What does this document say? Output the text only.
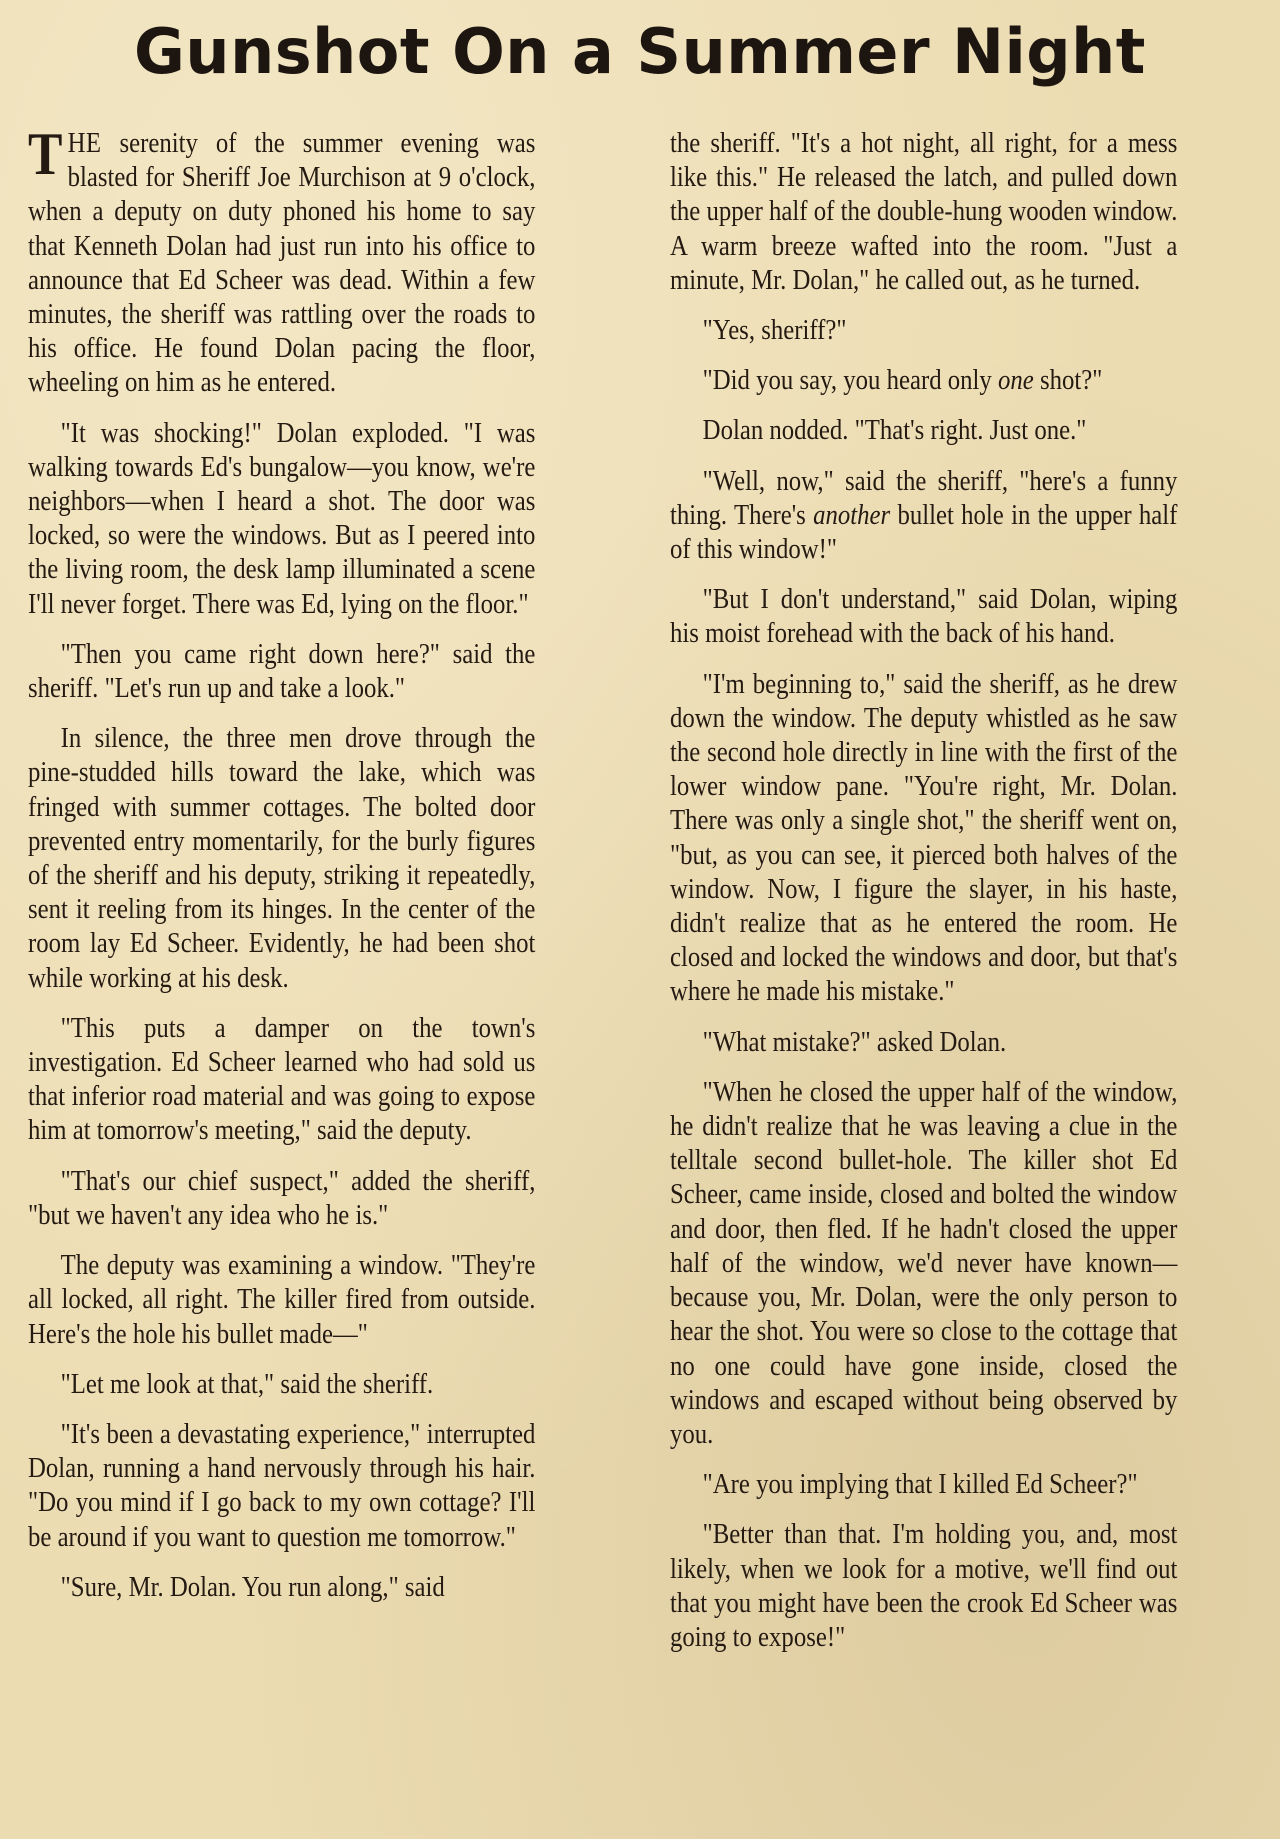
Gunshot On a Summer Night

THE serenity of the summer evening was blasted for Sheriff Joe Murchison at 9 o'clock, when a deputy on duty phoned his home to say that Kenneth Dolan had just run into his office to announce that Ed Scheer was dead. Within a few minutes, the sheriff was rattling over the roads to his office. He found Dolan pacing the floor, wheeling on him as he entered.

"It was shocking!" Dolan exploded. "I was walking towards Ed's bungalow—you know, we're neighbors—when I heard a shot. The door was locked, so were the windows. But as I peered into the living room, the desk lamp illuminated a scene I'll never forget. There was Ed, lying on the floor."

"Then you came right down here?" said the sheriff. "Let's run up and take a look."

In silence, the three men drove through the pine-studded hills toward the lake, which was fringed with summer cottages. The bolted door prevented entry momentarily, for the burly figures of the sheriff and his deputy, striking it repeatedly, sent it reeling from its hinges. In the center of the room lay Ed Scheer. Evidently, he had been shot while working at his desk.

"This puts a damper on the town's investigation. Ed Scheer learned who had sold us that inferior road material and was going to expose him at tomorrow's meeting," said the deputy.

"That's our chief suspect," added the sheriff, "but we haven't any idea who he is."

The deputy was examining a window. "They're all locked, all right. The killer fired from outside. Here's the hole his bullet made—"

"Let me look at that," said the sheriff.

"It's been a devastating experience," interrupted Dolan, running a hand nervously through his hair. "Do you mind if I go back to my own cottage? I'll be around if you want to question me tomorrow."

"Sure, Mr. Dolan. You run along," said

the sheriff. "It's a hot night, all right, for a mess like this." He released the latch, and pulled down the upper half of the double-hung wooden window. A warm breeze wafted into the room. "Just a minute, Mr. Dolan," he called out, as he turned.

"Yes, sheriff?"

"Did you say, you heard only one shot?"

Dolan nodded. "That's right. Just one."

"Well, now," said the sheriff, "here's a funny thing. There's another bullet hole in the upper half of this window!"

"But I don't understand," said Dolan, wiping his moist forehead with the back of his hand.

"I'm beginning to," said the sheriff, as he drew down the window. The deputy whistled as he saw the second hole directly in line with the first of the lower window pane. "You're right, Mr. Dolan. There was only a single shot," the sheriff went on, "but, as you can see, it pierced both halves of the window. Now, I figure the slayer, in his haste, didn't realize that as he entered the room. He closed and locked the windows and door, but that's where he made his mistake."

"What mistake?" asked Dolan.

"When he closed the upper half of the window, he didn't realize that he was leaving a clue in the telltale second bullet-hole. The killer shot Ed Scheer, came inside, closed and bolted the window and door, then fled. If he hadn't closed the upper half of the window, we'd never have known—because you, Mr. Dolan, were the only person to hear the shot. You were so close to the cottage that no one could have gone inside, closed the windows and escaped without being observed by you.

"Are you implying that I killed Ed Scheer?"

"Better than that. I'm holding you, and, most likely, when we look for a motive, we'll find out that you might have been the crook Ed Scheer was going to expose!"
